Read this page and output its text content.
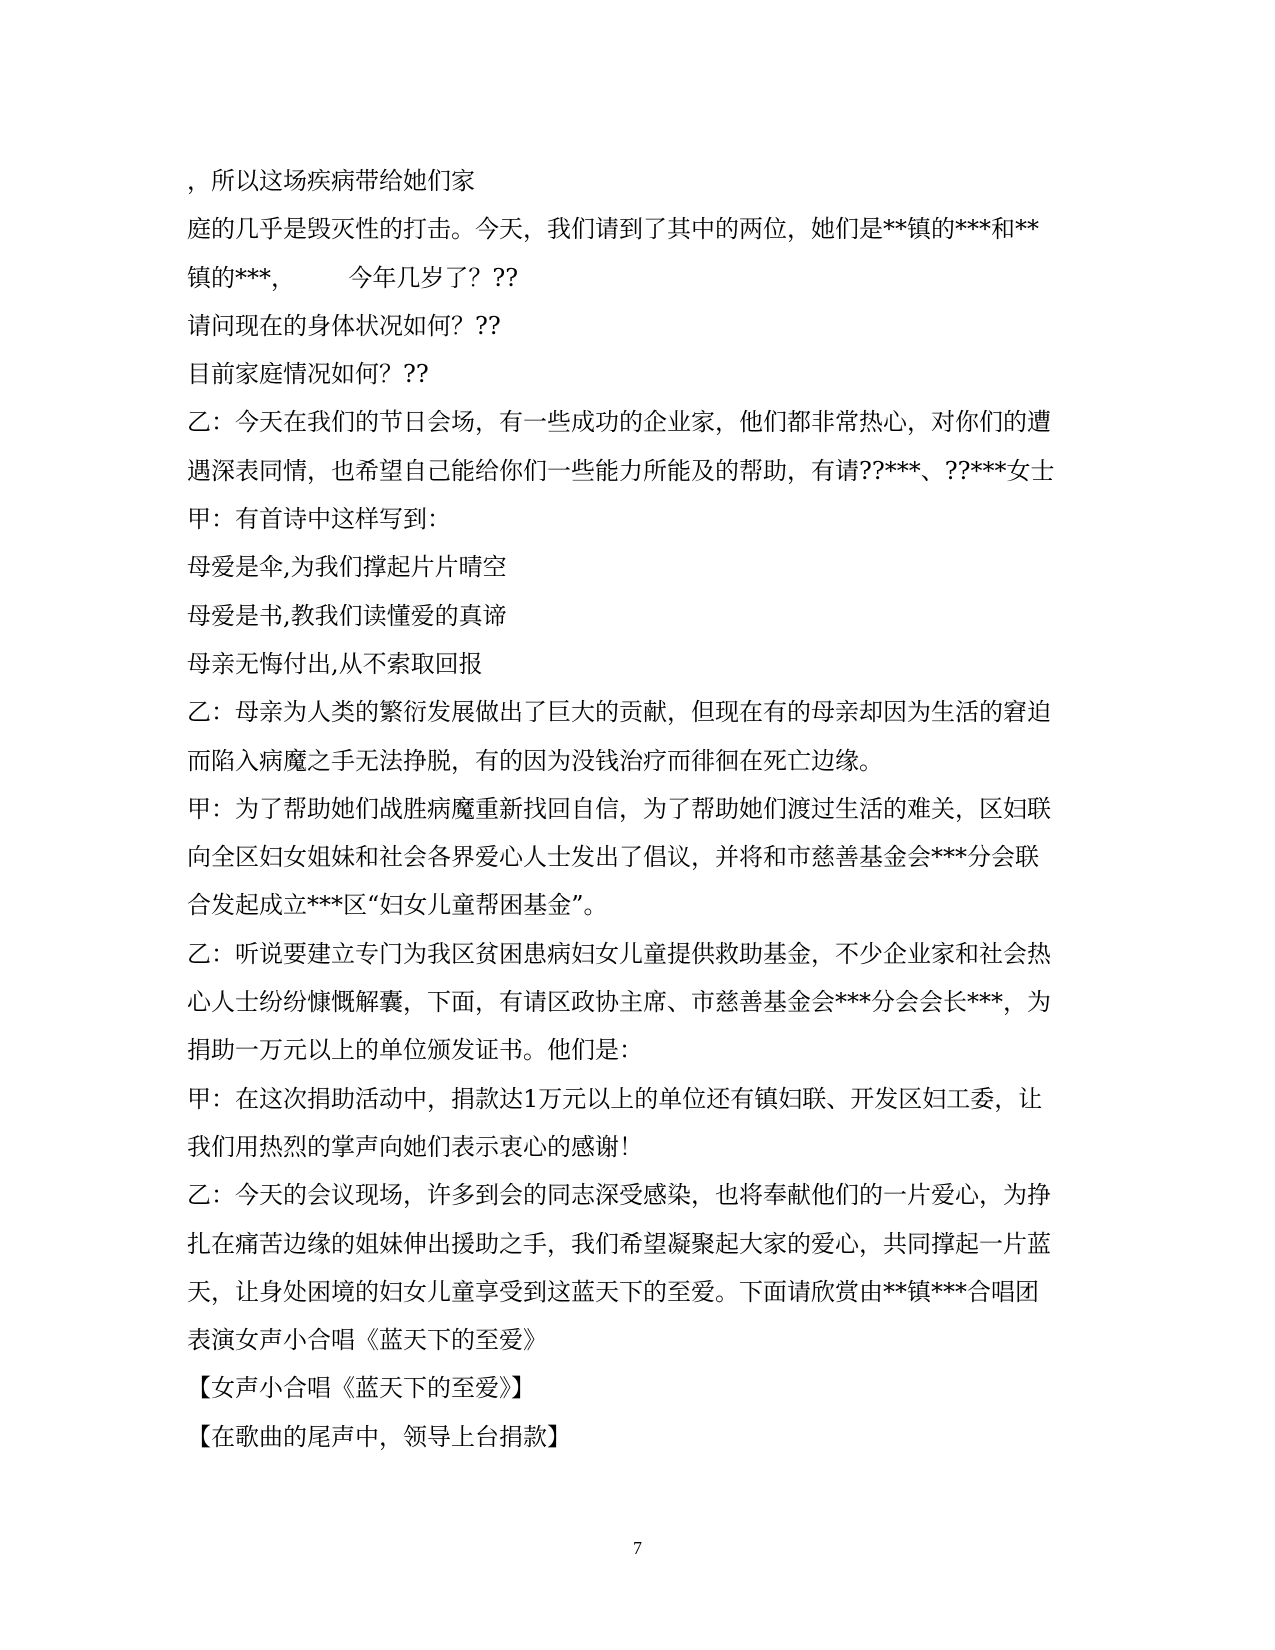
，所以这场疾病带给她们家
庭的几乎是毁灭性的打击。今天，我们请到了其中的两位，她们是**镇的***和**
镇的***，       今年几岁了？??
请问现在的身体状况如何？??
目前家庭情况如何？??
乙：今天在我们的节日会场，有一些成功的企业家，他们都非常热心，对你们的遭
遇深表同情，也希望自己能给你们一些能力所能及的帮助，有请??***、??***女士
甲：有首诗中这样写到：
母爱是伞,为我们撑起片片晴空
母爱是书,教我们读懂爱的真谛
母亲无悔付出,从不索取回报
乙：母亲为人类的繁衍发展做出了巨大的贡献，但现在有的母亲却因为生活的窘迫
而陷入病魔之手无法挣脱，有的因为没钱治疗而徘徊在死亡边缘。
甲：为了帮助她们战胜病魔重新找回自信，为了帮助她们渡过生活的难关，区妇联
向全区妇女姐妹和社会各界爱心人士发出了倡议，并将和市慈善基金会***分会联
合发起成立***区“妇女儿童帮困基金”。
乙：听说要建立专门为我区贫困患病妇女儿童提供救助基金，不少企业家和社会热
心人士纷纷慷慨解囊，下面，有请区政协主席、市慈善基金会***分会会长***，为
捐助一万元以上的单位颁发证书。他们是：
甲：在这次捐助活动中，捐款达1万元以上的单位还有镇妇联、开发区妇工委，让
我们用热烈的掌声向她们表示衷心的感谢！
乙：今天的会议现场，许多到会的同志深受感染，也将奉献他们的一片爱心，为挣
扎在痛苦边缘的姐妹伸出援助之手，我们希望凝聚起大家的爱心，共同撑起一片蓝
天，让身处困境的妇女儿童享受到这蓝天下的至爱。下面请欣赏由**镇***合唱团
表演女声小合唱《蓝天下的至爱》
【女声小合唱《蓝天下的至爱》】
【在歌曲的尾声中，领导上台捐款】
7
